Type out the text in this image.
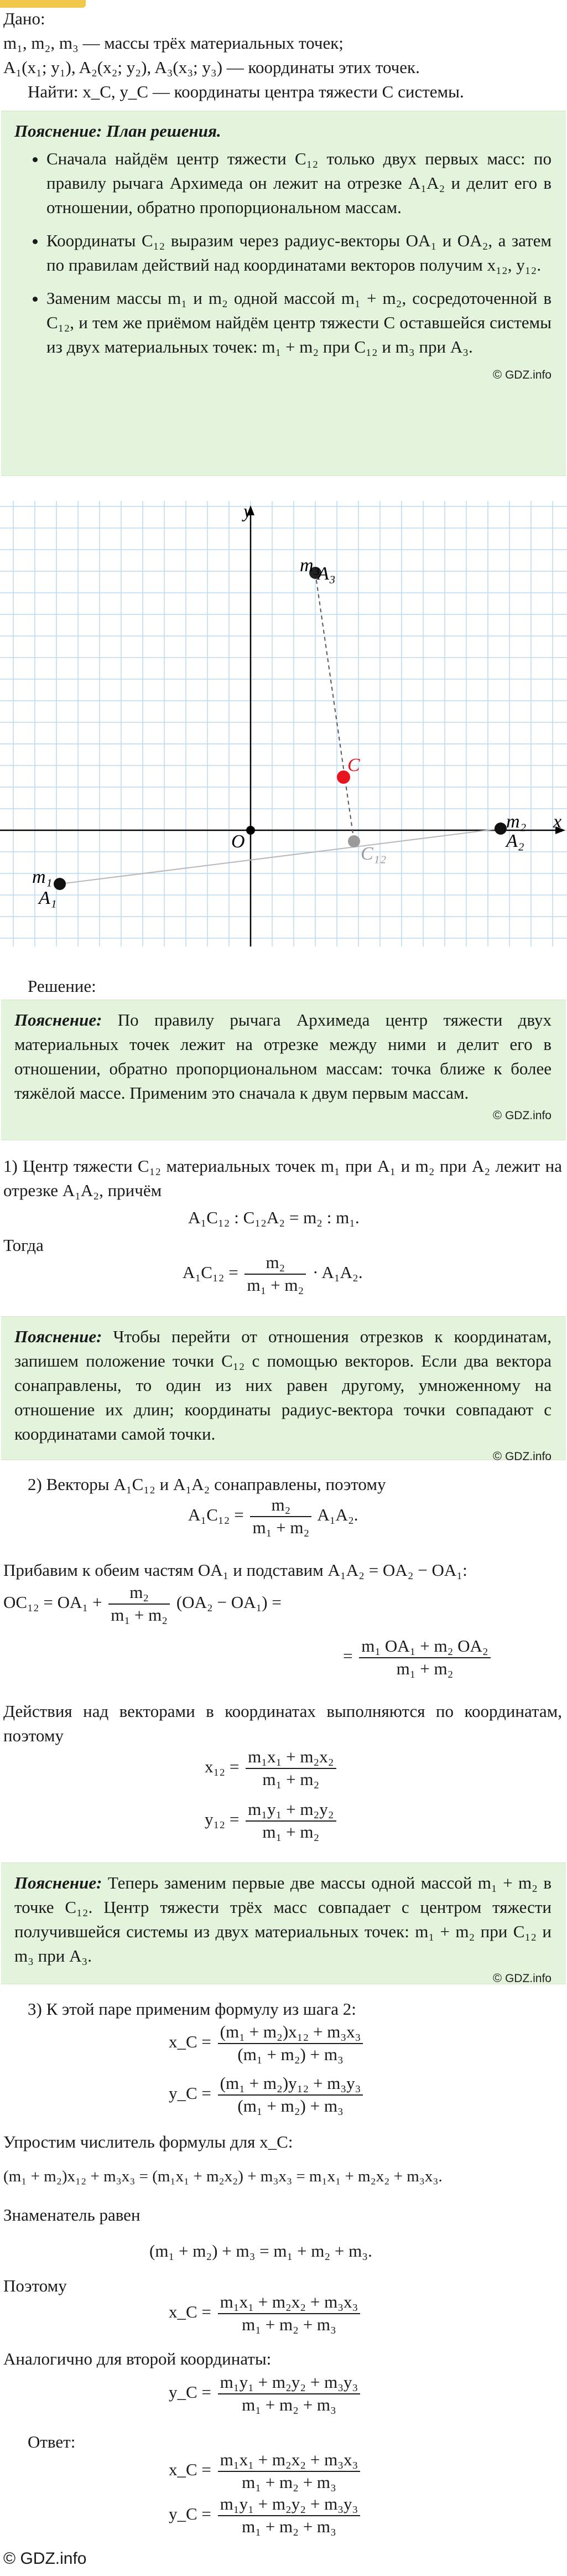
Дано:
m₁, m₂, m₃ — массы трёх материальных точек;
A₁(x₁; y₁), A₂(x₂; y₂), A₃(x₃; y₃) — координаты этих точек.
Найти: x_C, y_C — координаты центра тяжести C системы.

Пояснение: План решения.

• Сначала найдём центр тяжести C₁₂ только двух первых масс: по правилу рычага Архимеда он лежит на отрезке A₁A₂ и делит его в отношении, обратно пропорциональном массам.
• Координаты C₁₂ выразим через радиус-векторы OA₁ и OA₂, а затем по правилам действий над координатами векторов получим x₁₂, y₁₂.
• Заменим массы m₁ и m₂ одной массой m₁ + m₂, сосредоточенной в C₁₂, и тем же приёмом найдём центр тяжести C оставшейся системы из двух материальных точек: m₁ + m₂ при C₁₂ и m₃ при A₃.
© GDZ.info
x
y
O
m₃
A₃
C
C₁₂
m₂
A₂
m₁
A₁
Решение:

Пояснение: По правилу рычага Архимеда центр тяжести двух материальных точек лежит на отрезке между ними и делит его в отношении, обратно пропорциональном массам: точка ближе к более тяжёлой массе. Применим это сначала к двум первым массам.

© GDZ.info
1) Центр тяжести C₁₂ материальных точек m₁ при A₁ и m₂ при A₂ лежит на отрезке A₁A₂, причём
A₁C₁₂ : C₁₂A₂ = m₂ : m₁.
Тогда
$A_1C_{12} = \frac{\text{m₂}}{\text{m₁ + m₂}} \cdot A_1A_2$.

Пояснение: Чтобы перейти от отношения отрезков к координатам, запишем положение точки C₁₂ с помощью векторов. Если два вектора сонаправлены, то один из них равен другому, умноженному на отношение их длин; координаты радиус-вектора точки совпадают с координатами самой точки.

© GDZ.info
2) Векторы A₁C₁₂ и A₁A₂ сонаправлены, поэтому
$A_1C_{12} = \frac{\text{m₂}}{\text{m₁ + m₂}} A_1A_2$.
Прибавим к обеим частям OA₁ и подставим A₁A₂ = OA₂ − OA₁:
$OC_{12} = OA_1 + \frac{\text{m₂}}{\text{m₁ + m₂}} (OA_2 - OA_1)$ =
= $\frac{\text{m₁ OA₁ + m₂ OA₂}}{\text{m₁ + m₂}}$
Действия над векторами в координатах выполняются по координатам, поэтому
$x_{12} = \frac{\text{m₁x₁ + m₂x₂}}{\text{m₁ + m₂}}$
$y_{12} = \frac{\text{m₁y₁ + m₂y₂}}{\text{m₁ + m₂}}$

Пояснение: Теперь заменим первые две массы одной массой m₁ + m₂ в точке C₁₂. Центр тяжести трёх масс совпадает с центром тяжести получившейся системы из двух материальных точек: m₁ + m₂ при C₁₂ и m₃ при A₃.

© GDZ.info
3) К этой паре применим формулу из шага 2:
x_C = $\frac{\text{(m₁ + m₂)x₁₂ + m₃x₃}}{\text{(m₁ + m₂) + m₃}}$
y_C = $\frac{\text{(m₁ + m₂)y₁₂ + m₃y₃}}{\text{(m₁ + m₂) + m₃}}$
Упростим числитель формулы для x_C:
(m₁ + m₂)x₁₂ + m₃x₃ = (m₁x₁ + m₂x₂) + m₃x₃ = m₁x₁ + m₂x₂ + m₃x₃.
Знаменатель равен
(m₁ + m₂) + m₃ = m₁ + m₂ + m₃.
Поэтому
x_C = $\frac{\text{m₁x₁ + m₂x₂ + m₃x₃}}{\text{m₁ + m₂ + m₃}}$
Аналогично для второй координаты:
y_C = $\frac{\text{m₁y₁ + m₂y₂ + m₃y₃}}{\text{m₁ + m₂ + m₃}}$
Ответ:
x_C = $\frac{\text{m₁x₁ + m₂x₂ + m₃x₃}}{\text{m₁ + m₂ + m₃}}$
y_C = $\frac{\text{m₁y₁ + m₂y₂ + m₃y₃}}{\text{m₁ + m₂ + m₃}}$
© GDZ.info
